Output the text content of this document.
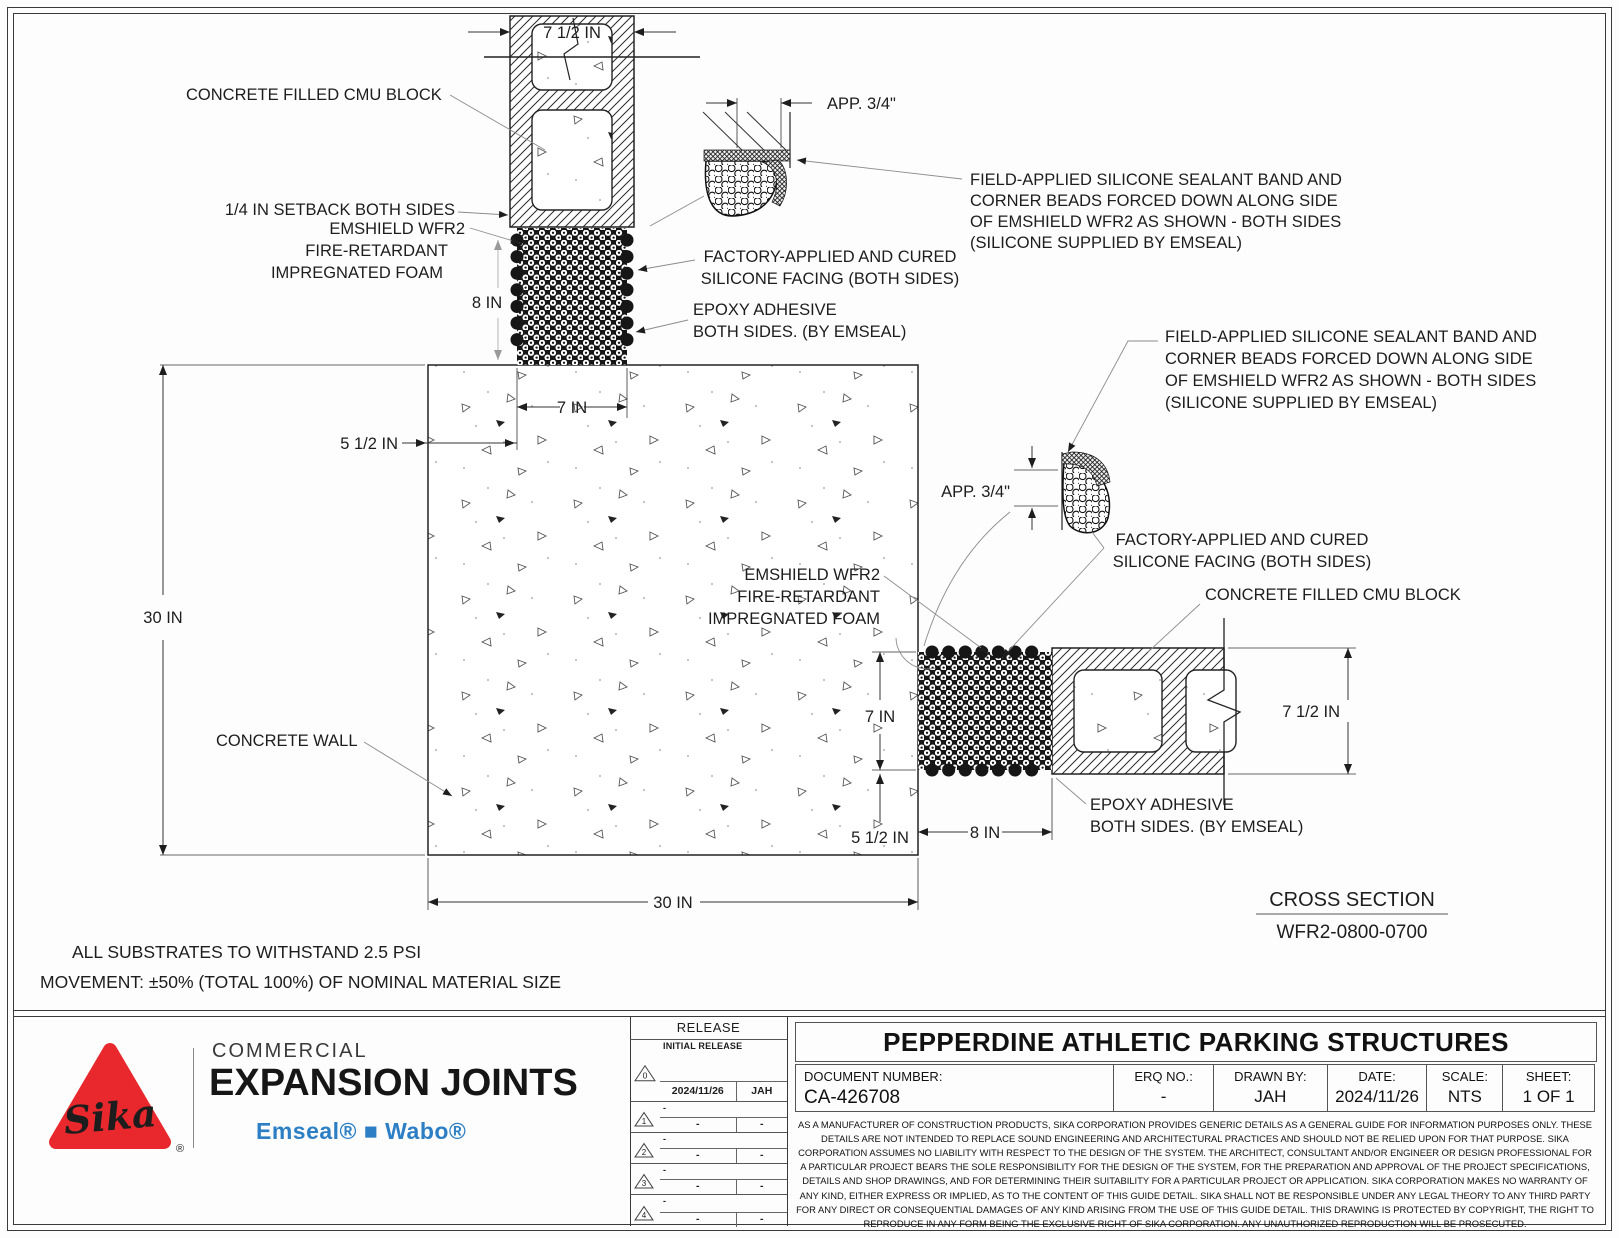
7 1/2 IN
CONCRETE FILLED CMU BLOCK	APP. 3/4"
FIELD-APPLIED SILICONE SEALANT BAND AND
CORNER BEADS FORCED DOWN ALONG SIDE
OF EMSHIELD WFR2 AS SHOWN - BOTH SIDES
(SILICONE SUPPLIED BY EMSEAL)
1/4 IN SETBACK BOTH SIDES
EMSHIELD WFR2
FIRE-RETARDANT
IMPREGNATED FOAM
FACTORY-APPLIED AND CURED
SILICONE FACING (BOTH SIDES)
EPOXY ADHESIVE
BOTH SIDES. (BY EMSEAL)
8 IN
7 IN
5 1/2 IN
30 IN
30 IN
FIELD-APPLIED SILICONE SEALANT BAND AND
CORNER BEADS FORCED DOWN ALONG SIDE
OF EMSHIELD WFR2 AS SHOWN - BOTH SIDES
(SILICONE SUPPLIED BY EMSEAL)
APP. 3/4"
FACTORY-APPLIED AND CURED
SILICONE FACING (BOTH SIDES)
CONCRETE FILLED CMU BLOCK
EMSHIELD WFR2
FIRE-RETARDANT
IMPREGNATED FOAM
CONCRETE WALL
7 IN	7 1/2 IN
5 1/2 IN	8 IN
EPOXY ADHESIVE
BOTH SIDES. (BY EMSEAL)
CROSS SECTION
WFR2-0800-0700
ALL SUBSTRATES TO WITHSTAND 2.5 PSI
MOVEMENT: ±50% (TOTAL 100%) OF NOMINAL MATERIAL SIZE
Sika
®
COMMERCIAL
EXPANSION JOINTS
Emseal® ■ Wabo®
RELEASE
0
INITIAL RELEASE
2024/11/26	JAH
1
-
-	-
2
-
-	-
3
-
-	-
4
-
-	-
PEPPERDINE ATHLETIC PARKING STRUCTURES
DOCUMENT NUMBER:
CA-426708
ERQ NO.:
-
DRAWN BY:
JAH
DATE:
2024/11/26
SCALE:
NTS
SHEET:
1 OF 1
AS A MANUFACTURER OF CONSTRUCTION PRODUCTS, SIKA CORPORATION PROVIDES GENERIC DETAILS AS A GENERAL GUIDE FOR INFORMATION PURPOSES ONLY. THESE DETAILS ARE NOT INTENDED TO REPLACE SOUND ENGINEERING AND ARCHITECTURAL PRACTICES AND SHOULD NOT BE RELIED UPON FOR THAT PURPOSE. SIKA CORPORATION ASSUMES NO LIABILITY WITH RESPECT TO THE DESIGN OF THE SYSTEM. THE ARCHITECT, CONSULTANT AND/OR ENGINEER OR DESIGN PROFESSIONAL FOR A PARTICULAR PROJECT BEARS THE SOLE RESPONSIBILITY FOR THE DESIGN OF THE SYSTEM, FOR THE PREPARATION AND APPROVAL OF THE PROJECT SPECIFICATIONS, DETAILS AND SHOP DRAWINGS, AND FOR DETERMINING THEIR SUITABILITY FOR A PARTICULAR PROJECT OR APPLICATION. SIKA CORPORATION MAKES NO WARRANTY OF ANY KIND, EITHER EXPRESS OR IMPLIED, AS TO THE CONTENT OF THIS GUIDE DETAIL. SIKA SHALL NOT BE RESPONSIBLE UNDER ANY LEGAL THEORY TO ANY THIRD PARTY FOR ANY DIRECT OR CONSEQUENTIAL DAMAGES OF ANY KIND ARISING FROM THE USE OF THIS GUIDE DETAIL. THIS DRAWING IS PROTECTED BY COPYRIGHT, THE RIGHT TO REPRODUCE IN ANY FORM BEING THE EXCLUSIVE RIGHT OF SIKA CORPORATION. ANY UNAUTHORIZED REPRODUCTION WILL BE PROSECUTED.
